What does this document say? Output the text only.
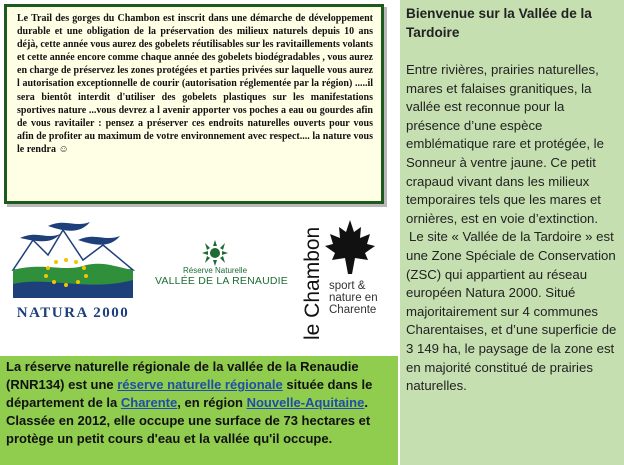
Le Trail des gorges du Chambon est inscrit dans une démarche de développement durable et une obligation de la préservation des milieux naturels depuis 10 ans déjà, cette année vous aurez des gobelets réutilisables sur les ravitaillements volants et cette année encore comme chaque année des gobelets biodégradables , vous aurez en charge de préservez les zones protégées et parties privées sur laquelle vous aurez l autorisation exceptionnelle de courir (autorisation réglementée par la région) .....il sera bientôt interdit d'utiliser des gobelets plastiques sur les manifestations sportives nature ...vous devrez a l avenir apporter vos poches a eau ou gourdes afin de vous ravitailer : pensez a préserver ces endroits naturelles ouverts pour vous afin de profiter au maximum de votre environnement avec respect.... la nature vous le rendra ☺
NATURA 2000
Réserve Naturelle
VALLÉE DE LA RENAUDIE le Chambon sport & nature en Charente
La réserve naturelle régionale de la vallée de la Renaudie (RNR134) est une réserve naturelle régionale située dans le département de la Charente, en région Nouvelle-Aquitaine. Classée en 2012, elle occupe une surface de 73 hectares et protège un petit cours d'eau et la vallée qu'il occupe.
Bienvenue sur la Vallée de la Tardoire

Entre rivières, prairies naturelles, mares et falaises granitiques, la vallée est reconnue pour la présence d’une espèce emblématique rare et protégée, le Sonneur à ventre jaune. Ce petit crapaud vivant dans les milieux temporaires tels que les mares et ornières, est en voie d’extinction.

Le site « Vallée de la Tardoire » est une Zone Spéciale de Conservation (ZSC) qui appartient au réseau européen Natura 2000. Situé majoritairement sur 4 communes Charentaises, et d’une superficie de 3 149 ha, le paysage de la zone est en majorité constitué de prairies naturelles.
